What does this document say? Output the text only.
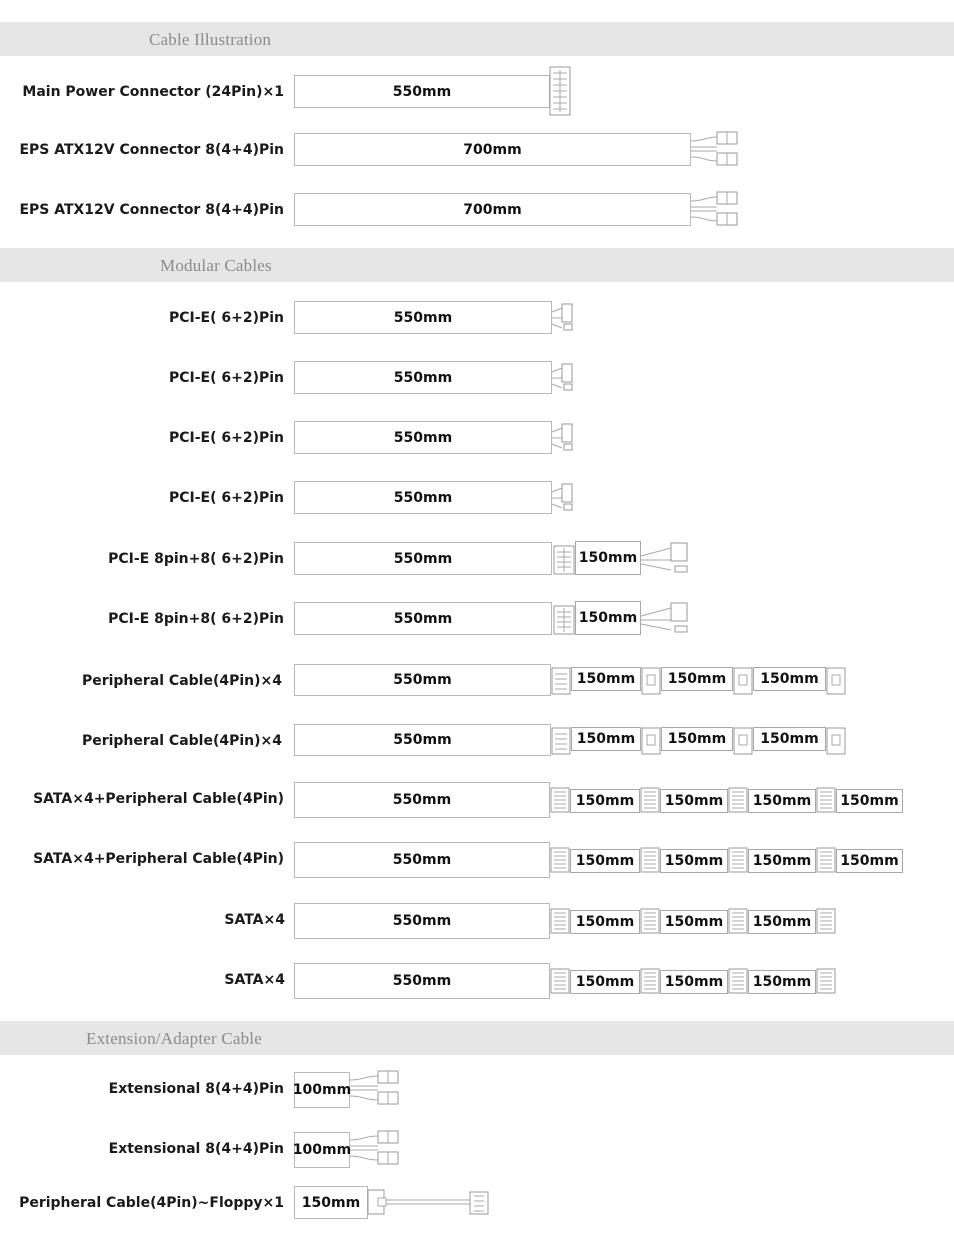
Cable Illustration
Main Power Connector (24Pin)×1	550mm
EPS ATX12V Connector 8(4+4)Pin	700mm
EPS ATX12V Connector 8(4+4)Pin	700mm
Modular Cables
PCI-E( 6+2)Pin	550mm
PCI-E( 6+2)Pin	550mm
PCI-E( 6+2)Pin	550mm
PCI-E( 6+2)Pin	550mm
PCI-E 8pin+8( 6+2)Pin	550mm	150mm
PCI-E 8pin+8( 6+2)Pin	550mm	150mm
Peripheral Cable(4Pin)×4	550mm	150mm	150mm	150mm
Peripheral Cable(4Pin)×4	550mm	150mm	150mm	150mm
SATA×4+Peripheral Cable(4Pin)	550mm	150mm	150mm	150mm	150mm
SATA×4+Peripheral Cable(4Pin)	550mm	150mm	150mm	150mm	150mm
SATA×4	550mm	150mm	150mm	150mm
SATA×4	550mm	150mm	150mm	150mm
Extension/Adapter Cable
Extensional 8(4+4)Pin 100mm
Extensional 8(4+4)Pin 100mm
Peripheral Cable(4Pin)~Floppy×1	150mm
